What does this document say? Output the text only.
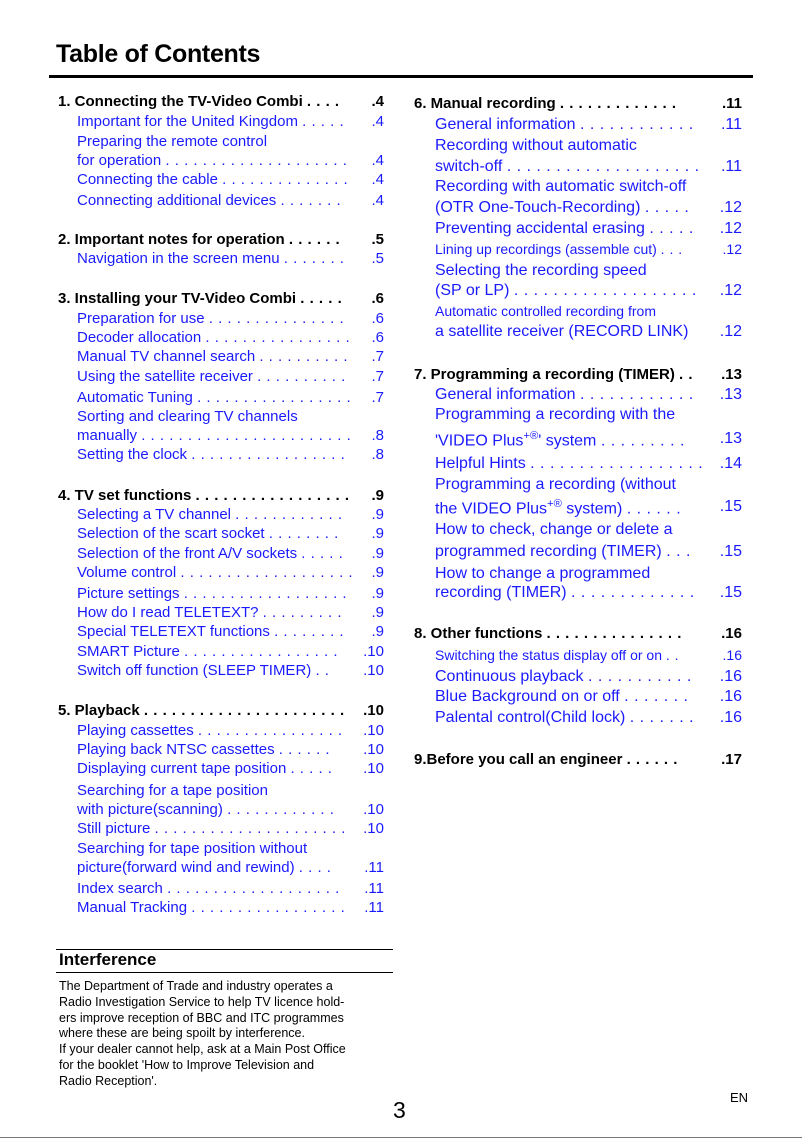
Table of Contents
1. Connecting the TV-Video Combi . . . . .4
Important for the United Kingdom . . . . . .4
Preparing the remote control
for operation . . . . . . . . . . . . . . . . . . . . .4
Connecting the cable . . . . . . . . . . . . . . .4
Connecting additional devices . . . . . . . .4
2. Important notes for operation . . . . . . .5
Navigation in the screen menu . . . . . . . .5
3. Installing your TV-Video Combi . . . . . .6
Preparation for use . . . . . . . . . . . . . . . .6
Decoder allocation . . . . . . . . . . . . . . . . .6
Manual TV channel search . . . . . . . . . . .7
Using the satellite receiver . . . . . . . . . . .7
Automatic Tuning . . . . . . . . . . . . . . . . . .7
Sorting and clearing TV channels
manually . . . . . . . . . . . . . . . . . . . . . . . .8
Setting the clock . . . . . . . . . . . . . . . . . .8
4. TV set functions . . . . . . . . . . . . . . . . . .9
Selecting a TV channel . . . . . . . . . . . . .9
Selection of the scart socket . . . . . . . . .9
Selection of the front A/V sockets . . . . . .9
Volume control . . . . . . . . . . . . . . . . . . . .9
Picture settings . . . . . . . . . . . . . . . . . . .9
How do I read TELETEXT? . . . . . . . . . .9
Special TELETEXT functions . . . . . . . . .9
SMART Picture . . . . . . . . . . . . . . . . . .10
Switch off function (SLEEP TIMER) . . .10
5. Playback . . . . . . . . . . . . . . . . . . . . . . .10
Playing cassettes . . . . . . . . . . . . . . . . .10
Playing back NTSC cassettes . . . . . . .10
Displaying current tape position . . . . . .10
Searching for a tape position
with picture(scanning) . . . . . . . . . . . . .10
Still picture . . . . . . . . . . . . . . . . . . . . . .10
Searching for tape position without
picture(forward wind and rewind) . . . . .11
Index search . . . . . . . . . . . . . . . . . . . .11
Manual Tracking . . . . . . . . . . . . . . . . . .11
6. Manual recording . . . . . . . . . . . . .	.11
General information . . . . . . . . . . . . .11
Recording without automatic
switch-off . . . . . . . . . . . . . . . . . . . . .11
Recording with automatic switch-off
(OTR One-Touch-Recording) . . . . . .12
Preventing accidental erasing . . . . . .12
Lining up recordings (assemble cut) . . .	.12
Selecting the recording speed
(SP or LP) . . . . . . . . . . . . . . . . . . . .12
Automatic controlled recording from
a satellite receiver (RECORD LINK) .12
7. Programming a recording (TIMER) . . .13
General information . . . . . . . . . . . . .13
Programming a recording with the
'VIDEO Plus+®' system . . . . . . . . . .13
Helpful Hints . . . . . . . . . . . . . . . . . . .14
Programming a recording (without
the VIDEO Plus+® system) . . . . . . .15
How to check, change or delete a
programmed recording (TIMER) . . . .15
How to change a programmed
recording (TIMER) . . . . . . . . . . . . . .15
8. Other functions . . . . . . . . . . . . . . .	.16
Switching the status display off or on . .	.16
Continuous playback . . . . . . . . . . . .16
Blue Background on or off . . . . . . . .16
Palental control(Child lock) . . . . . . . .16
9.Before you call an engineer . . . . . .	.17
Interference
The Department of Trade and industry operates a
Radio Investigation Service to help TV licence hold-
ers improve reception of BBC and ITC programmes
where these are being spoilt by interference.
If your dealer cannot help, ask at a Main Post Office
for the booklet 'How to Improve Television and
Radio Reception'.
3	EN
